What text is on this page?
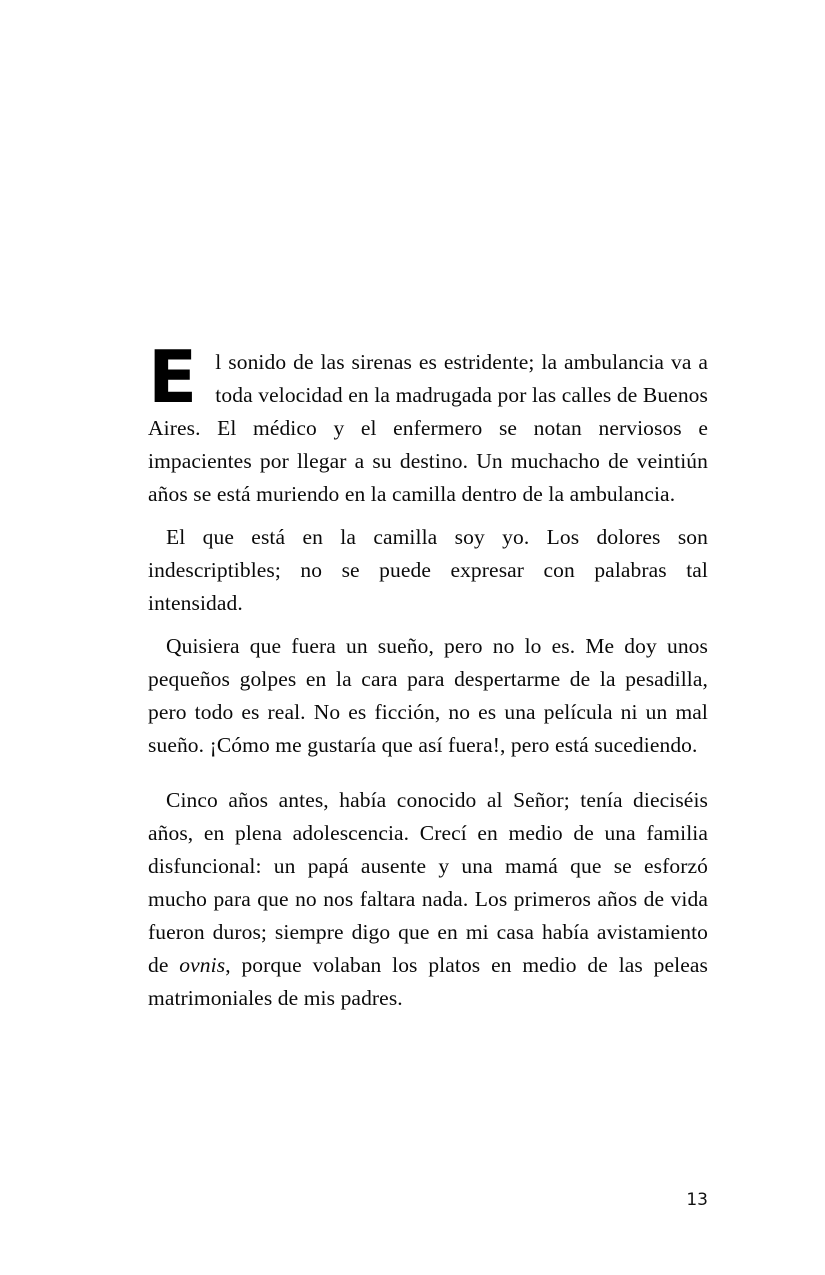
El sonido de las sirenas es estridente; la ambulancia va a toda velocidad en la madrugada por las calles de Buenos Aires. El médico y el enfermero se notan nerviosos e impacientes por llegar a su destino. Un muchacho de veintiún años se está muriendo en la camilla dentro de la ambulancia.

El que está en la camilla soy yo. Los dolores son indescriptibles; no se puede expresar con palabras tal intensidad.

Quisiera que fuera un sueño, pero no lo es. Me doy unos pequeños golpes en la cara para despertarme de la pesadilla, pero todo es real. No es ficción, no es una película ni un mal sueño. ¡Cómo me gustaría que así fuera!, pero está sucediendo.

Cinco años antes, había conocido al Señor; tenía dieciséis años, en plena adolescencia. Crecí en medio de una familia disfuncional: un papá ausente y una mamá que se esforzó mucho para que no nos faltara nada. Los primeros años de vida fueron duros; siempre digo que en mi casa había avistamiento de ovnis, porque volaban los platos en medio de las peleas matrimoniales de mis padres.

13
